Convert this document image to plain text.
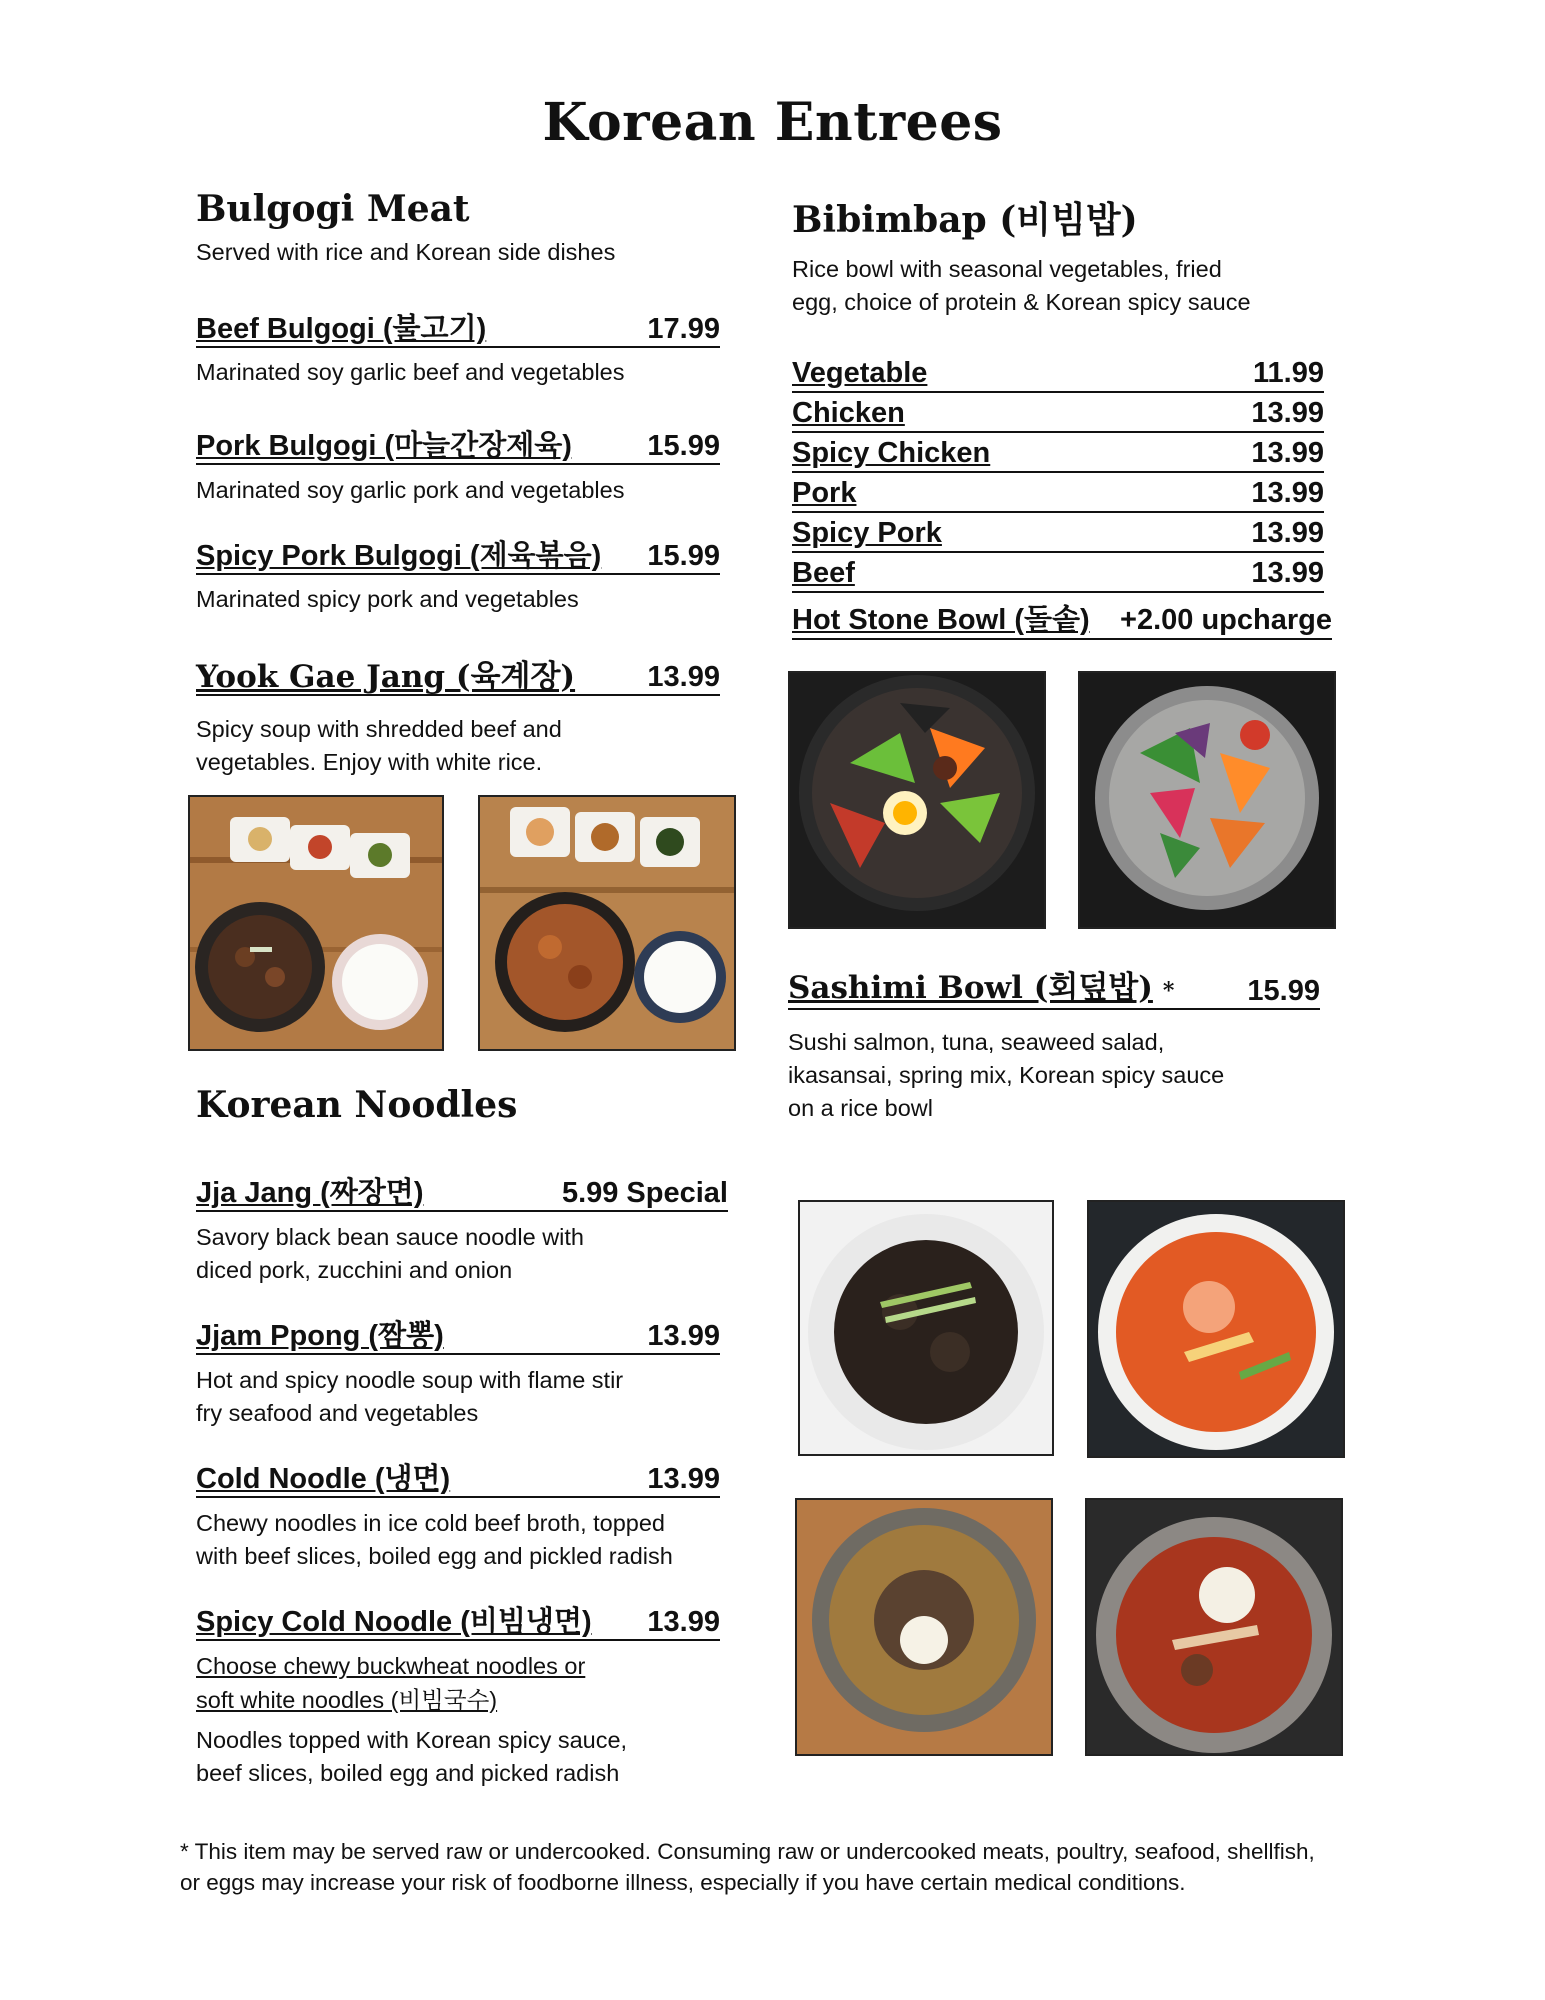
Korean Entrees
Bulgogi Meat
Served with rice and Korean side dishes
Beef Bulgogi (불고기)	17.99
Marinated soy garlic beef and vegetables
Pork Bulgogi (마늘간장제육)	15.99
Marinated soy garlic pork and vegetables
Spicy Pork Bulgogi (제육볶음) 15.99
Marinated spicy pork and vegetables
Yook Gae Jang (육계장) 13.99
Spicy soup with shredded beef and
vegetables. Enjoy with white rice.
Korean Noodles
Jja Jang (짜장면)	5.99 Special
Savory black bean sauce noodle with
diced pork, zucchini and onion
Jjam Ppong (짬뽕)	13.99
Hot and spicy noodle soup with flame stir
fry seafood and vegetables
Cold Noodle (냉면)	13.99
Chewy noodles in ice cold beef broth, topped
with beef slices, boiled egg and pickled radish
Spicy Cold Noodle (비빔냉면) 13.99
Choose chewy buckwheat noodles or
soft white noodles (비빔국수)
Noodles topped with Korean spicy sauce,
beef slices, boiled egg and picked radish
Bibimbap (비빔밥)
Rice bowl with seasonal vegetables, fried
egg, choice of protein & Korean spicy sauce
Vegetable	11.99
Chicken	13.99
Spicy Chicken	13.99
Pork	13.99
Spicy Pork	13.99
Beef	13.99
Hot Stone Bowl (돌솥) +2.00 upcharge
Sashimi Bowl (회덮밥) *	15.99
Sushi salmon, tuna, seaweed salad,
ikasansai, spring mix, Korean spicy sauce
on a rice bowl
* This item may be served raw or undercooked. Consuming raw or undercooked meats, poultry, seafood, shellfish,
or eggs may increase your risk of foodborne illness, especially if you have certain medical conditions.
